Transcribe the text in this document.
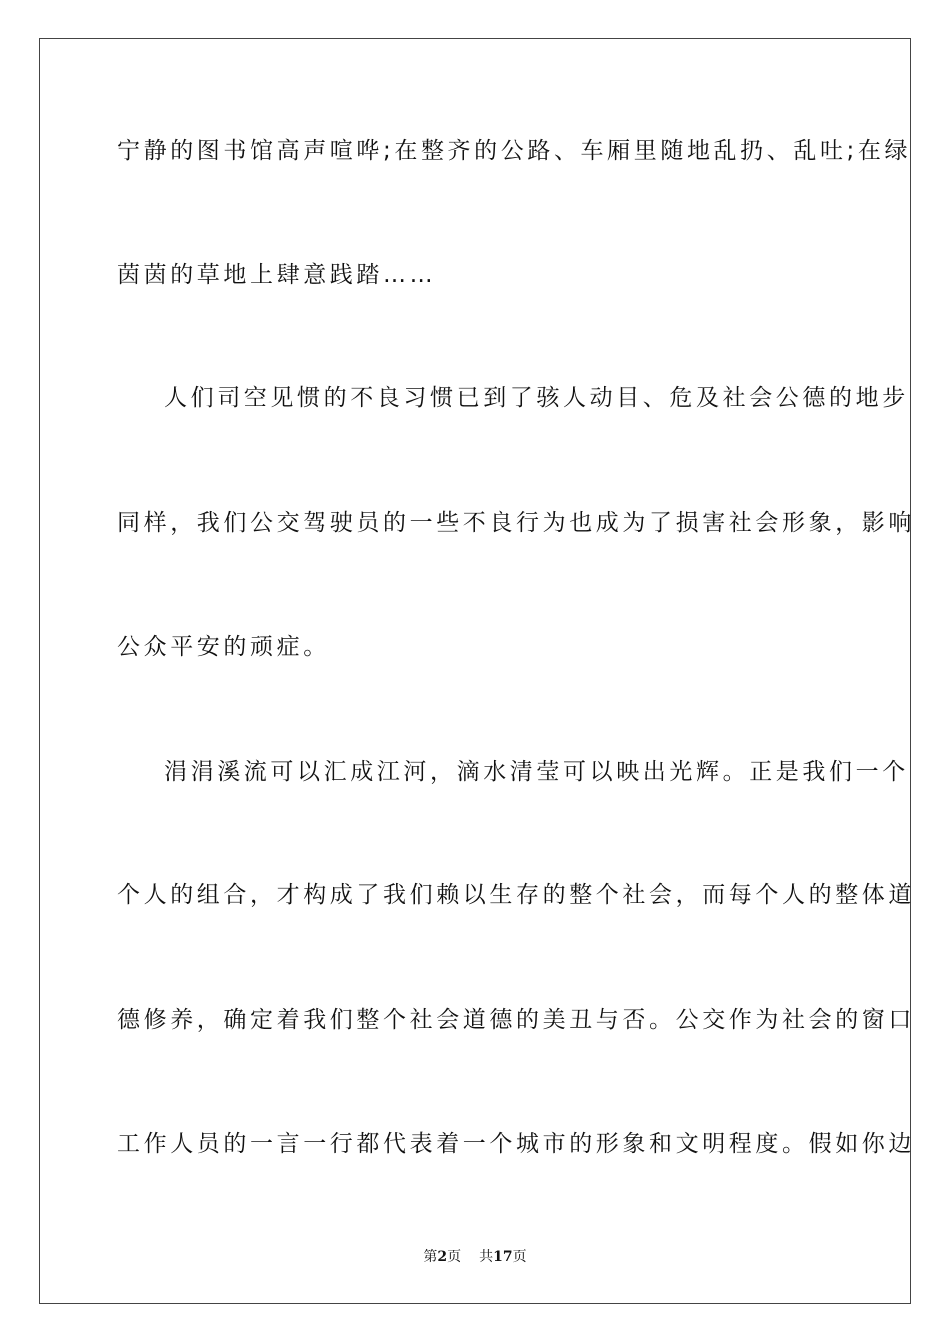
宁静的图书馆高声喧哗;在整齐的公路、车厢里随地乱扔、乱吐;在绿
茵茵的草地上肆意践踏……
人们司空见惯的不良习惯已到了骇人动目、危及社会公德的地步
同样，我们公交驾驶员的一些不良行为也成为了损害社会形象，影响
公众平安的顽症。
涓涓溪流可以汇成江河，滴水清莹可以映出光辉。正是我们一个
个人的组合，才构成了我们赖以生存的整个社会，而每个人的整体道
德修养，确定着我们整个社会道德的美丑与否。公交作为社会的窗口
工作人员的一言一行都代表着一个城市的形象和文明程度。假如你边
第2页 共17页
